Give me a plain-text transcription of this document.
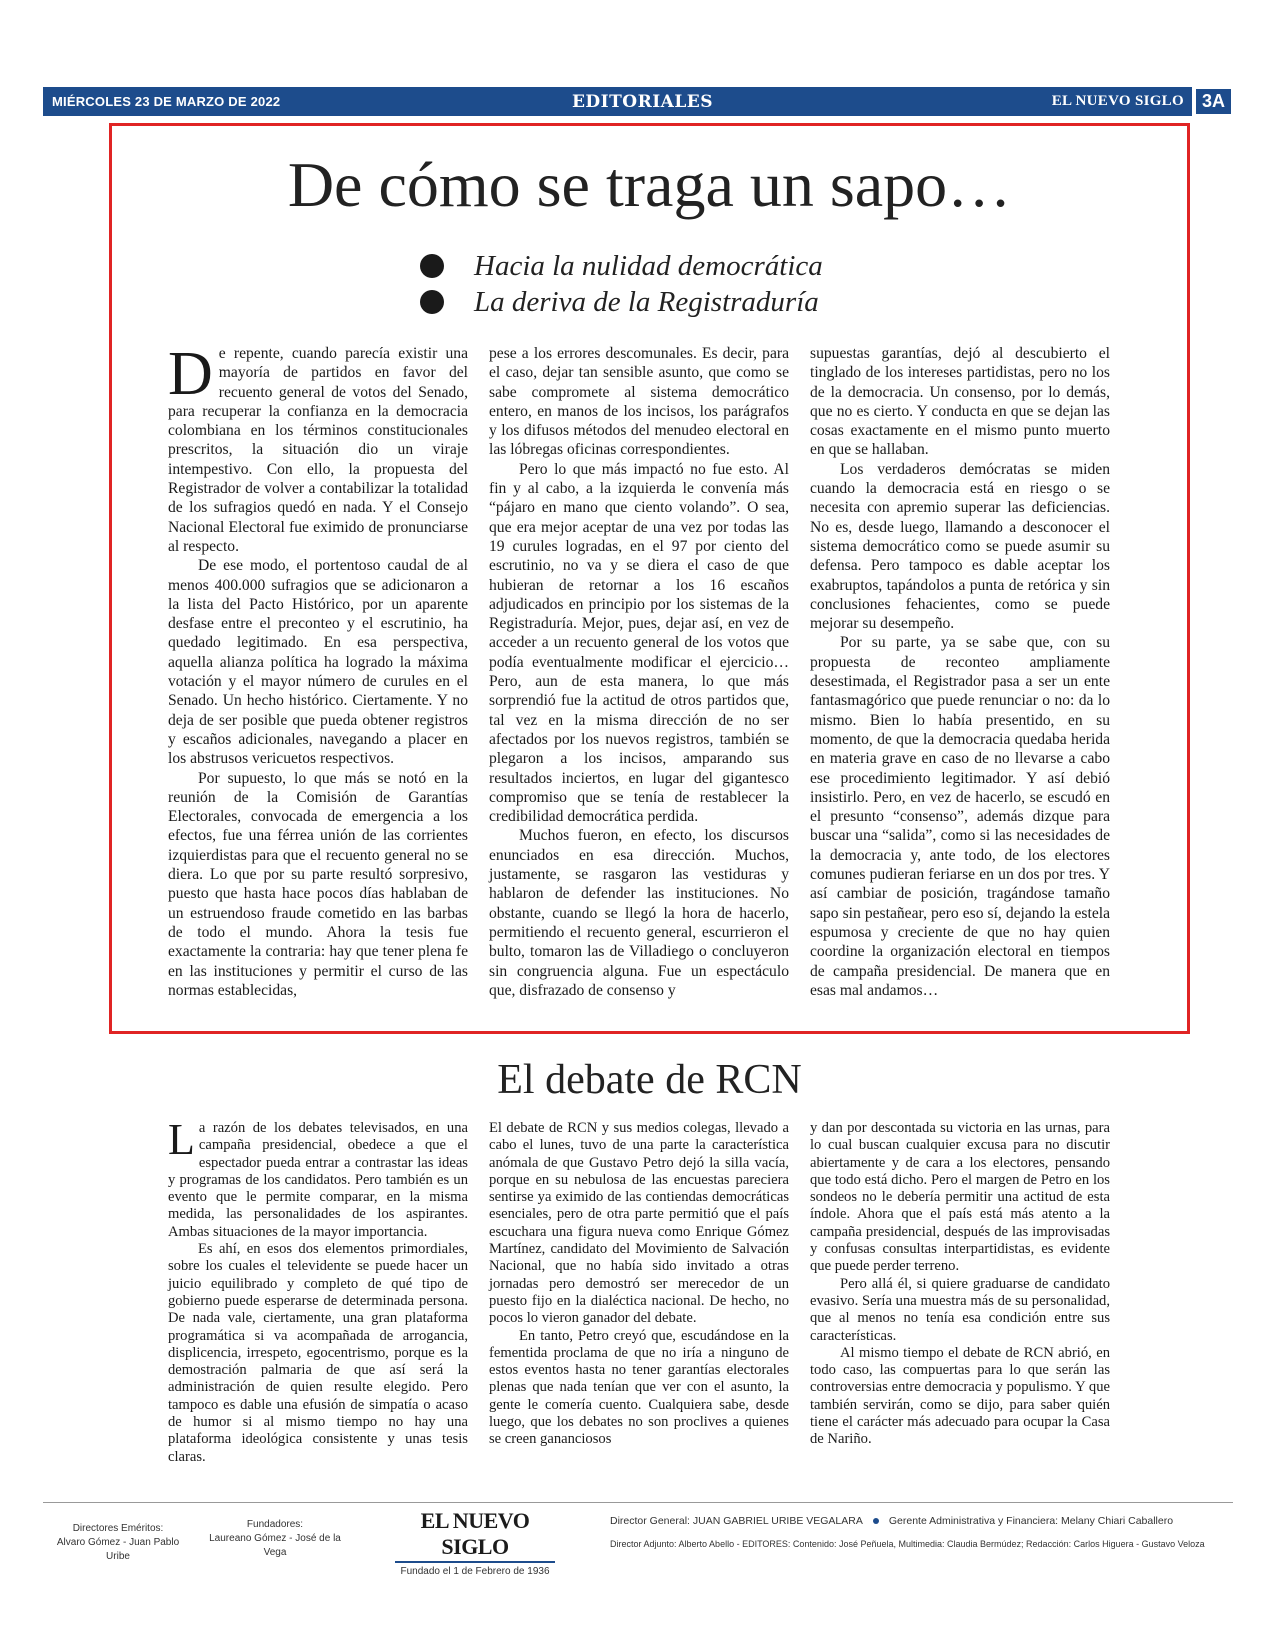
MIÉRCOLES 23 DE MARZO DE 2022	EDITORIALES	EL NUEVO SIGLO	3A
De cómo se traga un sapo…
Hacia la nulidad democrática
La deriva de la Registraduría

De repente, cuando parecía existir una mayoría de partidos en favor del recuento general de votos del Senado, para recuperar la confianza en la democracia colombiana en los términos constitucionales prescritos, la situación dio un viraje intempestivo. Con ello, la propuesta del Registrador de volver a contabilizar la totalidad de los sufragios quedó en nada. Y el Consejo Nacional Electoral fue eximido de pronunciarse al respecto.

De ese modo, el portentoso caudal de al menos 400.000 sufragios que se adicionaron a la lista del Pacto Histórico, por un aparente desfase entre el preconteo y el escrutinio, ha quedado legitimado. En esa perspectiva, aquella alianza política ha logrado la máxima votación y el mayor número de curules en el Senado. Un hecho histórico. Ciertamente. Y no deja de ser posible que pueda obtener registros y escaños adicionales, navegando a placer en los abstrusos vericuetos respectivos.

Por supuesto, lo que más se notó en la reunión de la Comisión de Garantías Electorales, convocada de emergencia a los efectos, fue una férrea unión de las corrientes izquierdistas para que el recuento general no se diera. Lo que por su parte resultó sorpresivo, puesto que hasta hace pocos días hablaban de un estruendoso fraude cometido en las barbas de todo el mundo. Ahora la tesis fue exactamente la contraria: hay que tener plena fe en las instituciones y permitir el curso de las normas establecidas,

pese a los errores descomunales. Es decir, para el caso, dejar tan sensible asunto, que como se sabe compromete al sistema democrático entero, en manos de los incisos, los parágrafos y los difusos métodos del menudeo electoral en las lóbregas oficinas correspondientes.

Pero lo que más impactó no fue esto. Al fin y al cabo, a la izquierda le convenía más “pájaro en mano que ciento volando”. O sea, que era mejor aceptar de una vez por todas las 19 curules logradas, en el 97 por ciento del escrutinio, no va y se diera el caso de que hubieran de retornar a los 16 escaños adjudicados en principio por los sistemas de la Registraduría. Mejor, pues, dejar así, en vez de acceder a un recuento general de los votos que podía eventualmente modificar el ejercicio… Pero, aun de esta manera, lo que más sorprendió fue la actitud de otros partidos que, tal vez en la misma dirección de no ser afectados por los nuevos registros, también se plegaron a los incisos, amparando sus resultados inciertos, en lugar del gigantesco compromiso que se tenía de restablecer la credibilidad democrática perdida.

Muchos fueron, en efecto, los discursos enunciados en esa dirección. Muchos, justamente, se rasgaron las vestiduras y hablaron de defender las instituciones. No obstante, cuando se llegó la hora de hacerlo, permitiendo el recuento general, escurrieron el bulto, tomaron las de Villadiego o concluyeron sin congruencia alguna. Fue un espectáculo que, disfrazado de consenso y

supuestas garantías, dejó al descubierto el tinglado de los intereses partidistas, pero no los de la democracia. Un consenso, por lo demás, que no es cierto. Y conducta en que se dejan las cosas exactamente en el mismo punto muerto en que se hallaban.

Los verdaderos demócratas se miden cuando la democracia está en riesgo o se necesita con apremio superar las deficiencias. No es, desde luego, llamando a desconocer el sistema democrático como se puede asumir su defensa. Pero tampoco es dable aceptar los exabruptos, tapándolos a punta de retórica y sin conclusiones fehacientes, como se puede mejorar su desempeño.

Por su parte, ya se sabe que, con su propuesta de reconteo ampliamente desestimada, el Registrador pasa a ser un ente fantasmagórico que puede renunciar o no: da lo mismo. Bien lo había presentido, en su momento, de que la democracia quedaba herida en materia grave en caso de no llevarse a cabo ese procedimiento legitimador. Y así debió insistirlo. Pero, en vez de hacerlo, se escudó en el presunto “consenso”, además dizque para buscar una “salida”, como si las necesidades de la democracia y, ante todo, de los electores comunes pudieran feriarse en un dos por tres. Y así cambiar de posición, tragándose tamaño sapo sin pestañear, pero eso sí, dejando la estela espumosa y creciente de que no hay quien coordine la organización electoral en tiempos de campaña presidencial. De manera que en esas mal andamos…

El debate de RCN

La razón de los debates televisados, en una campaña presidencial, obedece a que el espectador pueda entrar a contrastar las ideas y programas de los candidatos. Pero también es un evento que le permite comparar, en la misma medida, las personalidades de los aspirantes. Ambas situaciones de la mayor importancia.

Es ahí, en esos dos elementos primordiales, sobre los cuales el televidente se puede hacer un juicio equilibrado y completo de qué tipo de gobierno puede esperarse de determinada persona. De nada vale, ciertamente, una gran plataforma programática si va acompañada de arrogancia, displicencia, irrespeto, egocentrismo, porque es la demostración palmaria de que así será la administración de quien resulte elegido. Pero tampoco es dable una efusión de simpatía o acaso de humor si al mismo tiempo no hay una plataforma ideológica consistente y unas tesis claras.

El debate de RCN y sus medios colegas, llevado a cabo el lunes, tuvo de una parte la característica anómala de que Gustavo Petro dejó la silla vacía, porque en su nebulosa de las encuestas pareciera sentirse ya eximido de las contiendas democráticas esenciales, pero de otra parte permitió que el país escuchara una figura nueva como Enrique Gómez Martínez, candidato del Movimiento de Salvación Nacional, que no había sido invitado a otras jornadas pero demostró ser merecedor de un puesto fijo en la dialéctica nacional. De hecho, no pocos lo vieron ganador del debate.

En tanto, Petro creyó que, escudándose en la fementida proclama de que no iría a ninguno de estos eventos hasta no tener garantías electorales plenas que nada tenían que ver con el asunto, la gente le comería cuento. Cualquiera sabe, desde luego, que los debates no son proclives a quienes se creen gananciosos

y dan por descontada su victoria en las urnas, para lo cual buscan cualquier excusa para no discutir abiertamente y de cara a los electores, pensando que todo está dicho. Pero el margen de Petro en los sondeos no le debería permitir una actitud de esta índole. Ahora que el país está más atento a la campaña presidencial, después de las improvisadas y confusas consultas interpartidistas, es evidente que puede perder terreno.

Pero allá él, si quiere graduarse de candidato evasivo. Sería una muestra más de su personalidad, que al menos no tenía esa condición entre sus características.

Al mismo tiempo el debate de RCN abrió, en todo caso, las compuertas para lo que serán las controversias entre democracia y populismo. Y que también servirán, como se dijo, para saber quién tiene el carácter más adecuado para ocupar la Casa de Nariño.

Directores Eméritos:
Alvaro Gómez - Juan Pablo Uribe
Fundadores:
Laureano Gómez - José de la Vega
EL NUEVO SIGLO
Fundado el 1 de Febrero de 1936
Director General: JUAN GABRIEL URIBE VEGALARA Gerente Administrativa y Financiera: Melany Chiari Caballero
Director Adjunto: Alberto Abello - EDITORES: Contenido: José Peñuela, Multimedia: Claudia Bermúdez; Redacción: Carlos Higuera - Gustavo Veloza
